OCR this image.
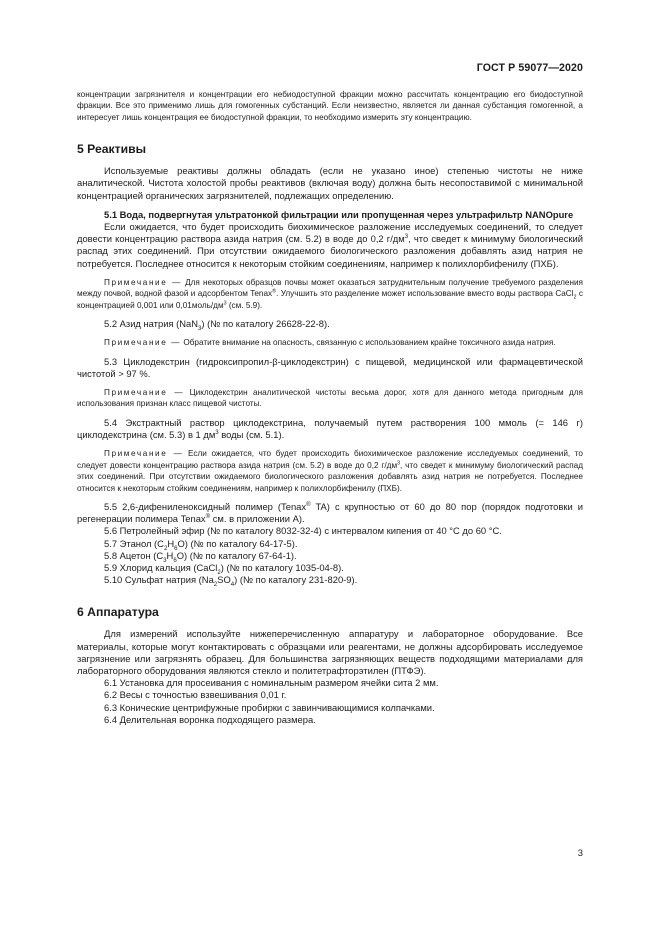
ГОСТ Р 59077—2020

концентрации загрязнителя и концентрации его небиодоступной фракции можно рассчитать концентрацию его биодоступной фракции. Все это применимо лишь для гомогенных субстанций. Если неизвестно, является ли данная субстанция гомогенной, а интересует лишь концентрация ее биодоступной фракции, то необходимо измерить эту концентрацию.

5 Реактивы

Используемые реактивы должны обладать (если не указано иное) степенью чистоты не ниже аналитической. Чистота холостой пробы реактивов (включая воду) должна быть несопоставимой с минимальной концентрацией органических загрязнителей, подлежащих определению.

5.1 Вода, подвергнутая ультратонкой фильтрации или пропущенная через ультрафильтр NANOpure

Если ожидается, что будет происходить биохимическое разложение исследуемых соединений, то следует довести концентрацию раствора азида натрия (см. 5.2) в воде до 0,2 $г/дм^3$, что сведет к минимуму биологический распад этих соединений. При отсутствии ожидаемого биологического разложения добавлять азид натрия не потребуется. Последнее относится к некоторым стойким соединениям, например к полихлорбифенилу (ПХБ).

Примечание — Для некоторых образцов почвы может оказаться затруднительным получение требуемого разделения между почвой, водной фазой и адсорбентом Tenax®. Улучшить это разделение может использование вместо воды раствора CaCl$_2$ с концентрацией 0,001 или $0,01моль/дм^3$ (см. 5.9).

5.2 Азид натрия (NaN$_3$) (№ по каталогу 26628-22-8).

Примечание — Обратите внимание на опасность, связанную с использованием крайне токсичного азида натрия.

5.3 Циклодекстрин (гидроксипропил-β-циклодекстрин) с пищевой, медицинской или фармацевтической чистотой > 97 %.

Примечание — Циклодекстрин аналитической чистоты весьма дорог, хотя для данного метода пригодным для использования признан класс пищевой чистоты.

5.4 Экстрактный раствор циклодекстрина, получаемый путем растворения 100 ммоль (= 146 г) циклодекстрина (см. 5.3) в 1 $дм^3$ воды (см. 5.1).

Примечание — Если ожидается, что будет происходить биохимическое разложение исследуемых соединений, то следует довести концентрацию раствора азида натрия (см. 5.2) в воде до 0,2 $г/дм^3$, что сведет к минимуму биологический распад этих соединений. При отсутствии ожидаемого биологического разложения добавлять азид натрия не потребуется. Последнее относится к некоторым стойким соединениям, например к полихлорбифенилу (ПХБ).

5.5 2,6-дифениленоксидный полимер (Tenax® TA) с крупностью от 60 до 80 пор (порядок подготовки и регенерации полимера Tenax® см. в приложении А).

5.6 Петролейный эфир (№ по каталогу 8032-32-4) с интервалом кипения от 40 °C до 60 °C.

5.7 Этанол $(C_2H_6O)$ (№ по каталогу 64-17-5).

5.8 Ацетон $(C_3H_6O)$ (№ по каталогу 67-64-1).

5.9 Хлорид кальция (CaCl$_2$) (№ по каталогу 1035-04-8).

5.10 Сульфат натрия $(Na_2SO_4)$ (№ по каталогу 231-820-9).

6 Аппаратура

Для измерений используйте нижеперечисленную аппаратуру и лабораторное оборудование. Все материалы, которые могут контактировать с образцами или реагентами, не должны адсорбировать исследуемое загрязнение или загрязнять образец. Для большинства загрязняющих веществ подходящими материалами для лабораторного оборудования являются стекло и политетрафторэтилен (ПТФЭ).

6.1 Установка для просеивания с номинальным размером ячейки сита 2 мм.

6.2 Весы с точностью взвешивания 0,01 г.

6.3 Конические центрифужные пробирки с завинчивающимися колпачками.

6.4 Делительная воронка подходящего размера.

3
